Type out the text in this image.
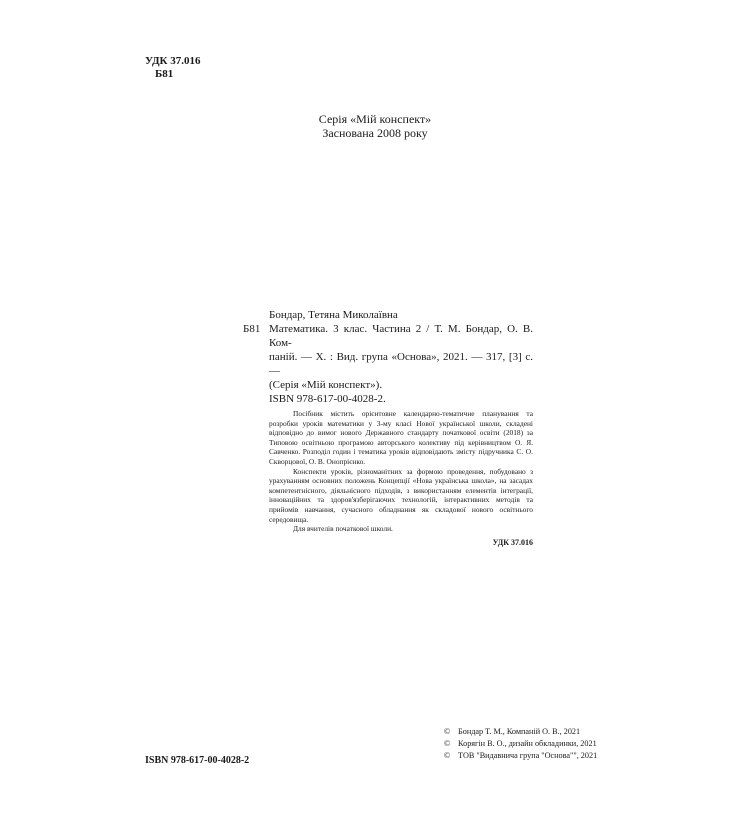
УДК 37.016
Б81
Серія «Мій конспект»
Заснована 2008 року
Бондар, Тетяна Миколаївна
Б81 Математика. 3 клас. Частина 2 / Т. М. Бондар, О. В. Ком-
панiй. — Х. : Вид. група «Основа», 2021. — 317, [3] с. —
(Серія «Мій конспект»).
ISBN 978-617-00-4028-2.

Посібник містить орієнтовне календарно-тематичне планування та розробки уроків математики у 3-му класі Нової української школи, складені відповідно до вимог нового Державного стандарту початкової освіти (2018) за Типовою освітньою програмою авторського колективу під керівництвом О. Я. Савченко. Розподіл годин і тематика уроків відповідають змісту підручника С. О. Скворцової, О. В. Онопрієнко.

Конспекти уроків, різноманітних за формою проведення, побудовано з урахуванням основних положень Концепції «Нова українська школа», на засадах компетентнісного, діяльнісного підходів, з використанням елементів інтеграції, інноваційних та здоров'язберігаючих технологій, інтерактивних методів та прийомів навчання, сучасного обладнання як складової нового освітнього середовища.

Для вчителів початкової школи.

УДК 37.016
ISBN 978-617-00-4028-2
© Бондар Т. М., Компанiй О. В., 2021
© Корягін В. О., дизайн обкладинки, 2021
© ТОВ "Видавнича група "Основа"", 2021
